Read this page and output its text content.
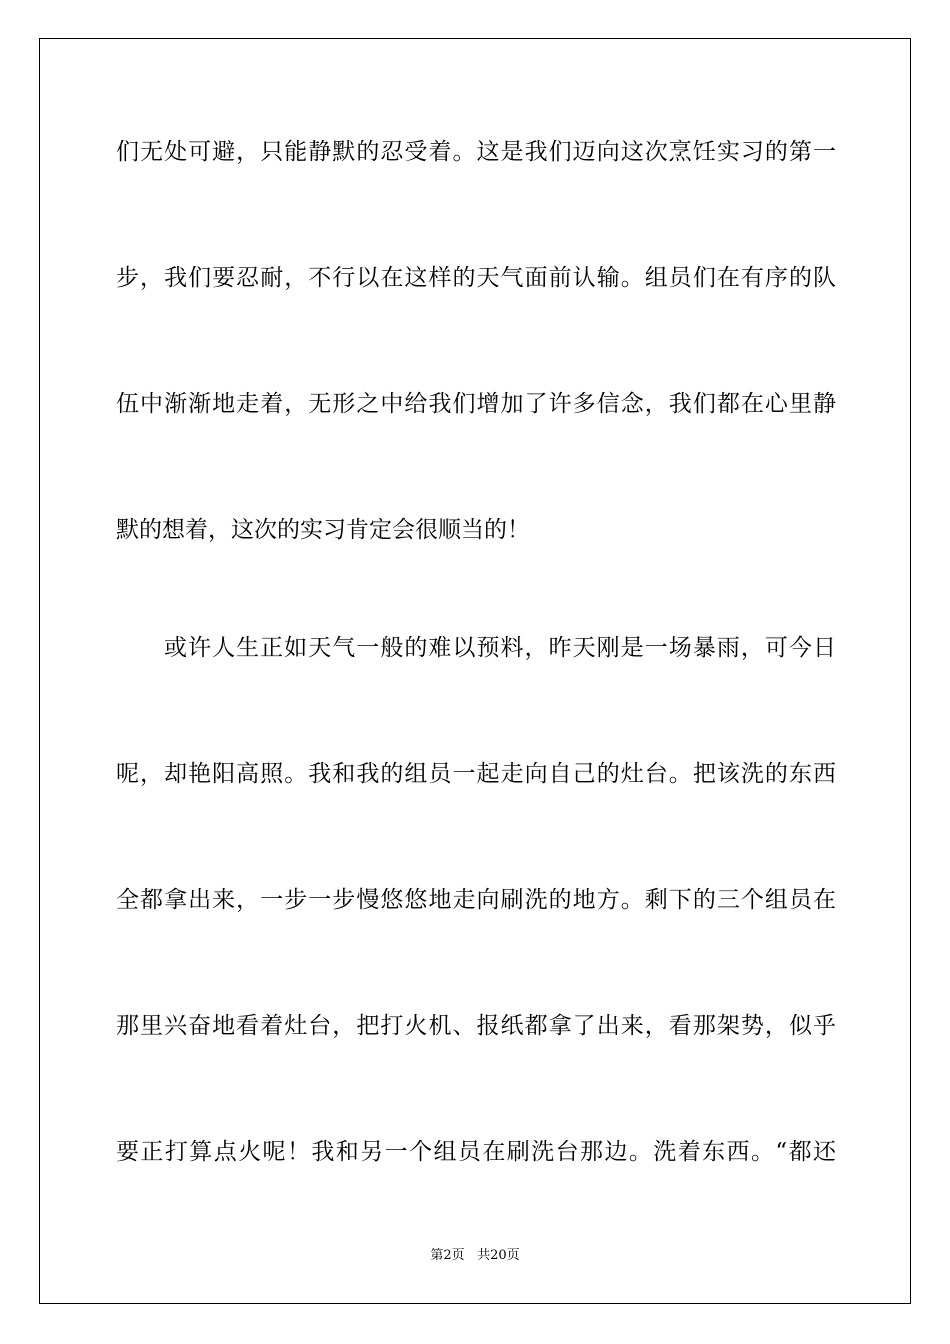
们无处可避，只能静默的忍受着。这是我们迈向这次烹饪实习的第一
步，我们要忍耐，不行以在这样的天气面前认输。组员们在有序的队
伍中渐渐地走着，无形之中给我们增加了许多信念，我们都在心里静
默的想着，这次的实习肯定会很顺当的！
或许人生正如天气一般的难以预料，昨天刚是一场暴雨，可今日
呢，却艳阳高照。我和我的组员一起走向自己的灶台。把该洗的东西
全都拿出来，一步一步慢悠悠地走向刷洗的地方。剩下的三个组员在
那里兴奋地看着灶台，把打火机、报纸都拿了出来，看那架势，似乎
要正打算点火呢！我和另一个组员在刷洗台那边。洗着东西。“都还
第2页 共20页
